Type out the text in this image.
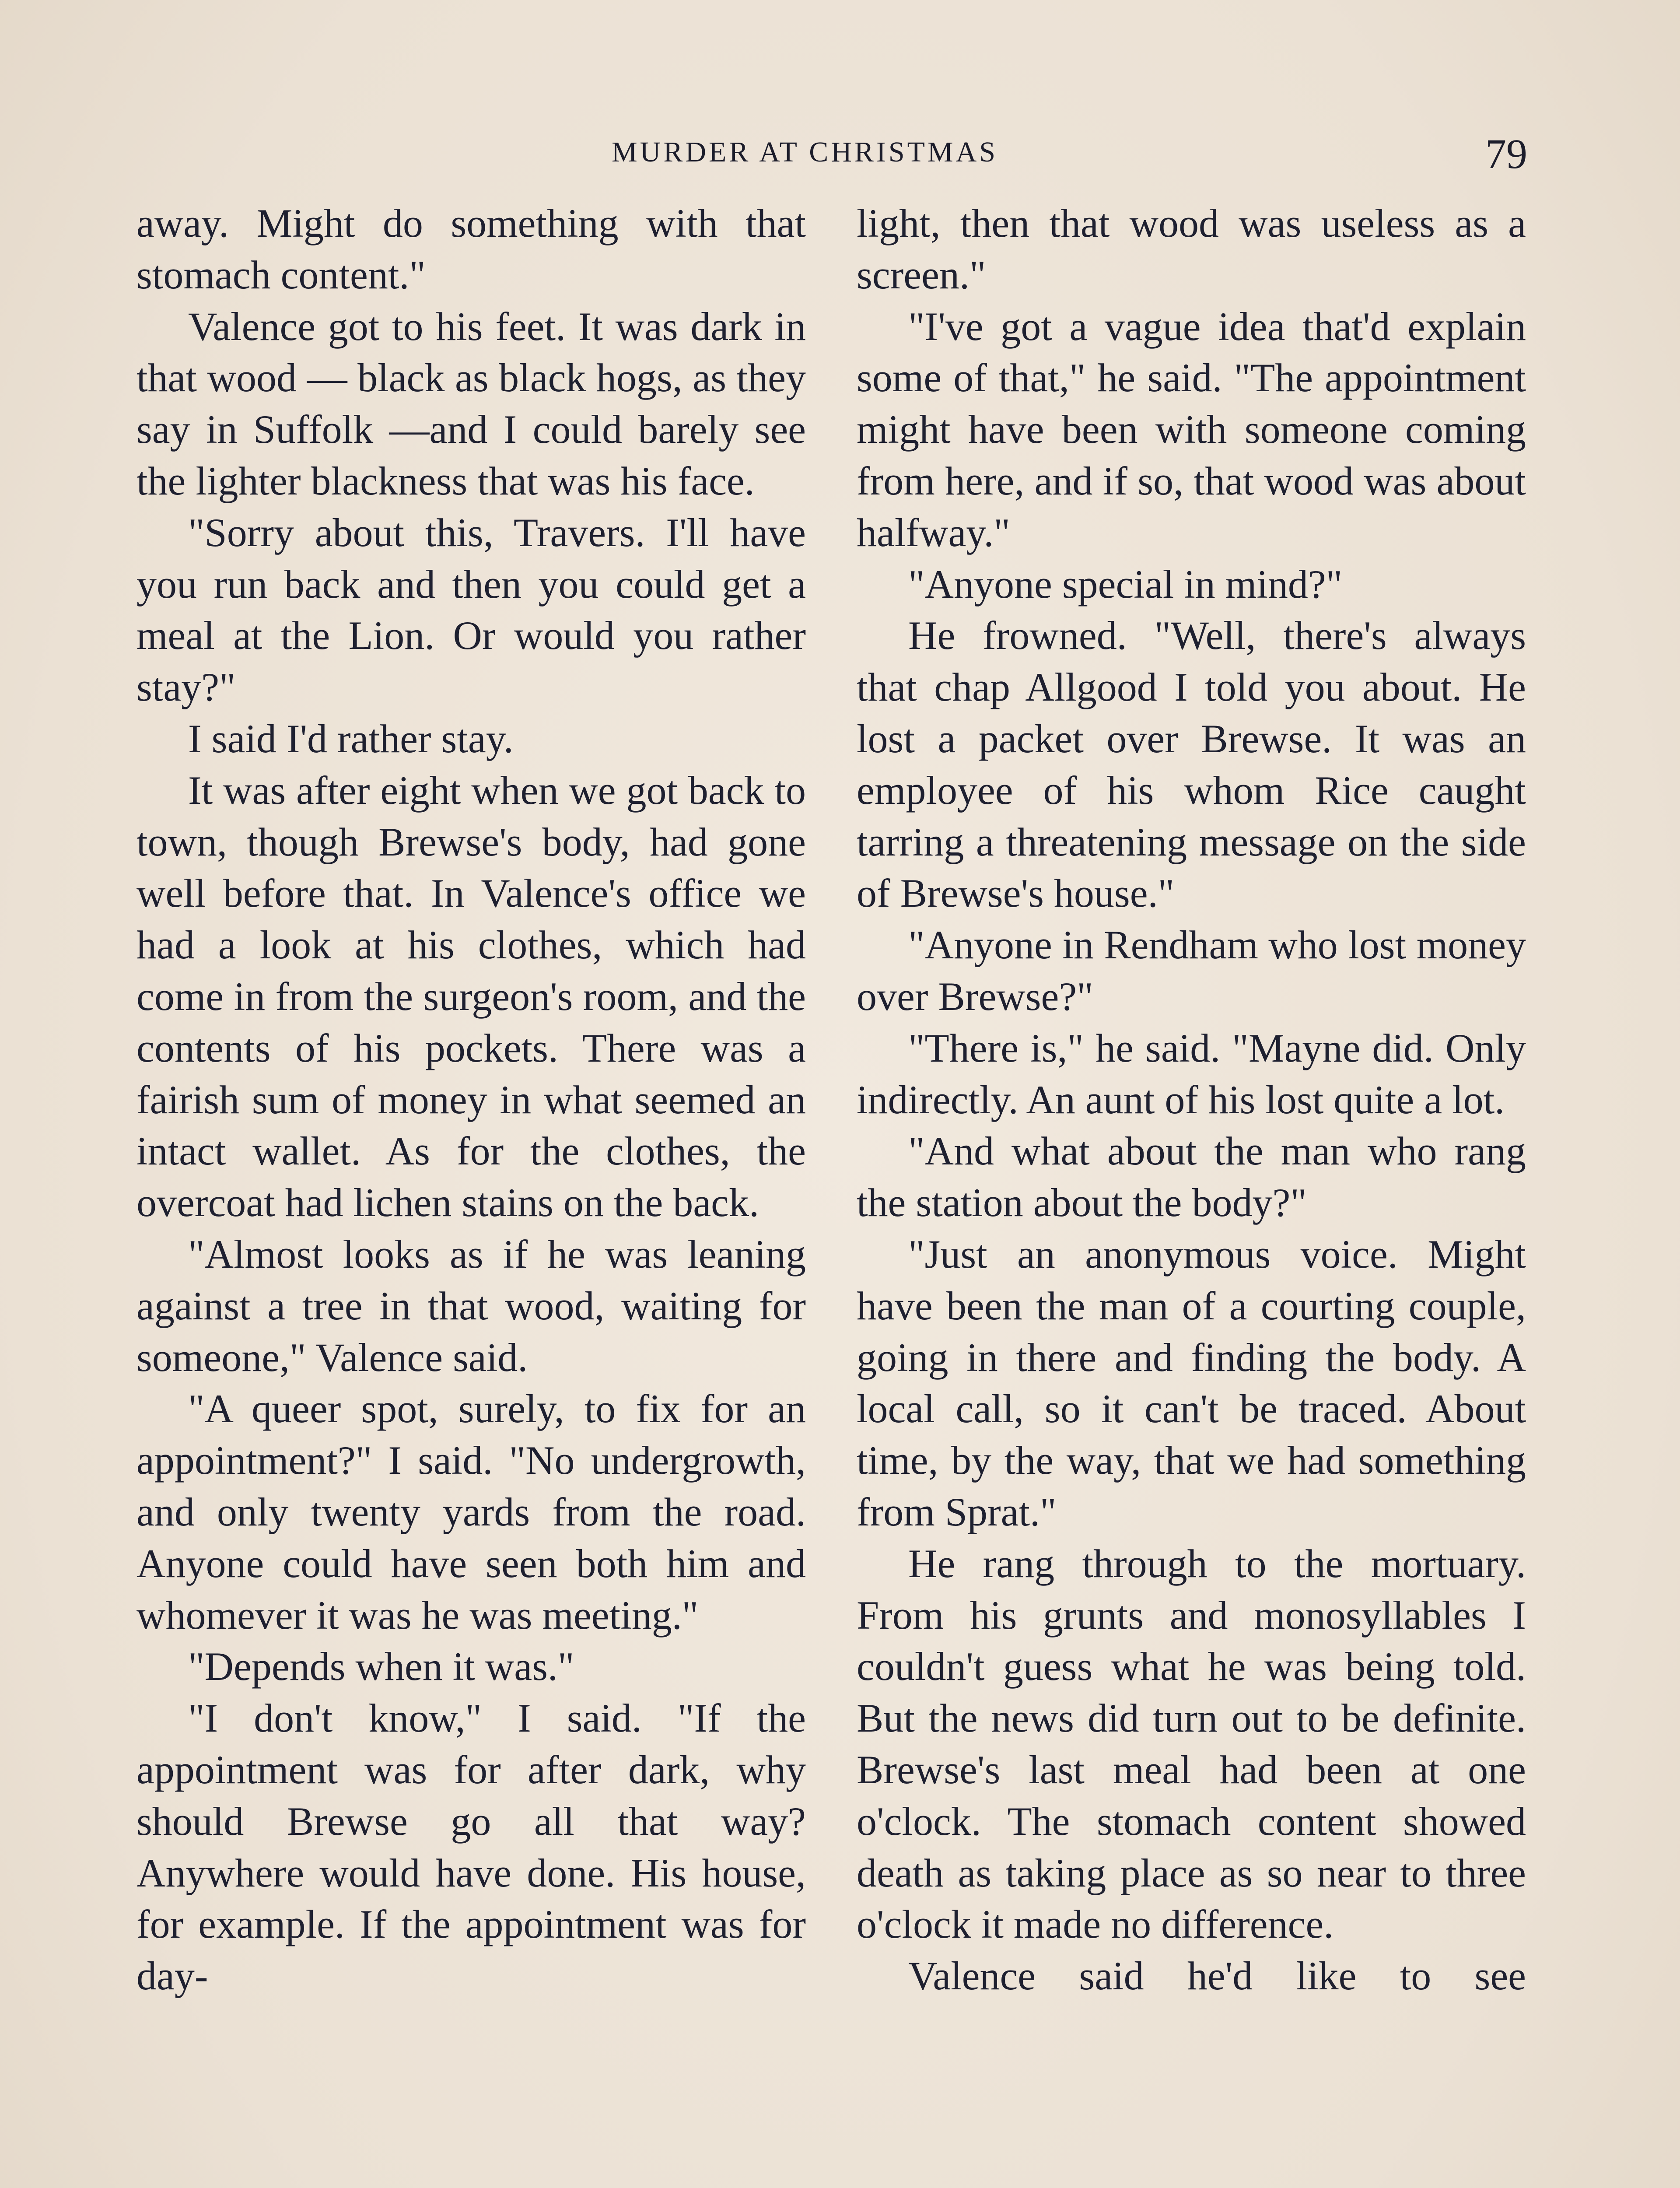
MURDER AT CHRISTMAS	79

away. Might do something with that stomach content."

Valence got to his feet. It was dark in that wood — black as black hogs, as they say in Suffolk —and I could barely see the lighter blackness that was his face.

"Sorry about this, Travers. I'll have you run back and then you could get a meal at the Lion. Or would you rather stay?"

I said I'd rather stay.

It was after eight when we got back to town, though Brewse's body, had gone well before that. In Valence's office we had a look at his clothes, which had come in from the surgeon's room, and the contents of his pockets. There was a fairish sum of money in what seemed an intact wallet. As for the clothes, the overcoat had lichen stains on the back.

"Almost looks as if he was leaning against a tree in that wood, waiting for someone," Valence said.

"A queer spot, surely, to fix for an appointment?" I said. "No undergrowth, and only twenty yards from the road. Anyone could have seen both him and whomever it was he was meeting."

"Depends when it was."

"I don't know," I said. "If the appointment was for after dark, why should Brewse go all that way? Anywhere would have done. His house, for example. If the appointment was for day-

light, then that wood was useless as a screen."

"I've got a vague idea that'd explain some of that," he said. "The appointment might have been with someone coming from here, and if so, that wood was about halfway."

"Anyone special in mind?"

He frowned. "Well, there's always that chap Allgood I told you about. He lost a packet over Brewse. It was an employee of his whom Rice caught tarring a threatening message on the side of Brewse's house."

"Anyone in Rendham who lost money over Brewse?"

"There is," he said. "Mayne did. Only indirectly. An aunt of his lost quite a lot.

"And what about the man who rang the station about the body?"

"Just an anonymous voice. Might have been the man of a courting couple, going in there and finding the body. A local call, so it can't be traced. About time, by the way, that we had something from Sprat."

He rang through to the mortuary. From his grunts and monosyllables I couldn't guess what he was being told. But the news did turn out to be definite. Brewse's last meal had been at one o'clock. The stomach content showed death as taking place as so near to three o'clock it made no difference.

Valence said he'd like to see
